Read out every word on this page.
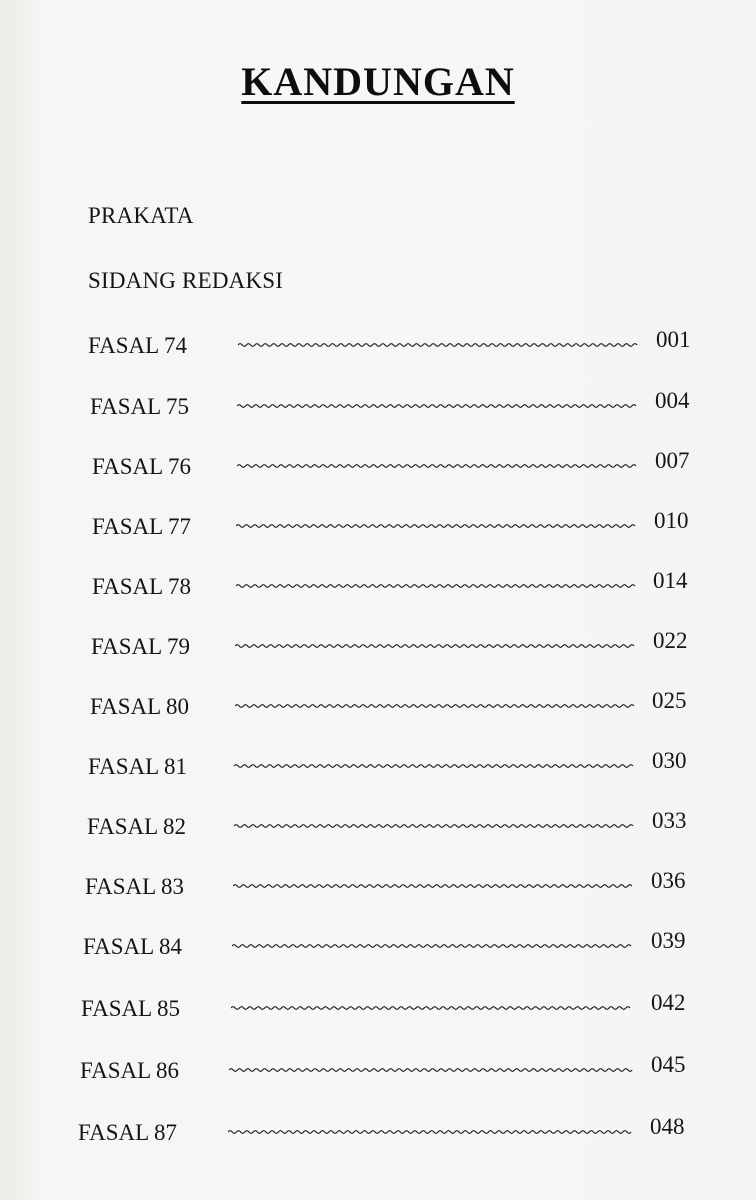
KANDUNGAN
PRAKATA
SIDANG REDAKSI
FASAL 74	001
FASAL 75	004
FASAL 76	007
FASAL 77	010
FASAL 78	014
FASAL 79	022
FASAL 80	025
FASAL 81	030
FASAL 82	033
FASAL 83	036
FASAL 84	039
FASAL 85	042
FASAL 86	045
FASAL 87	048
